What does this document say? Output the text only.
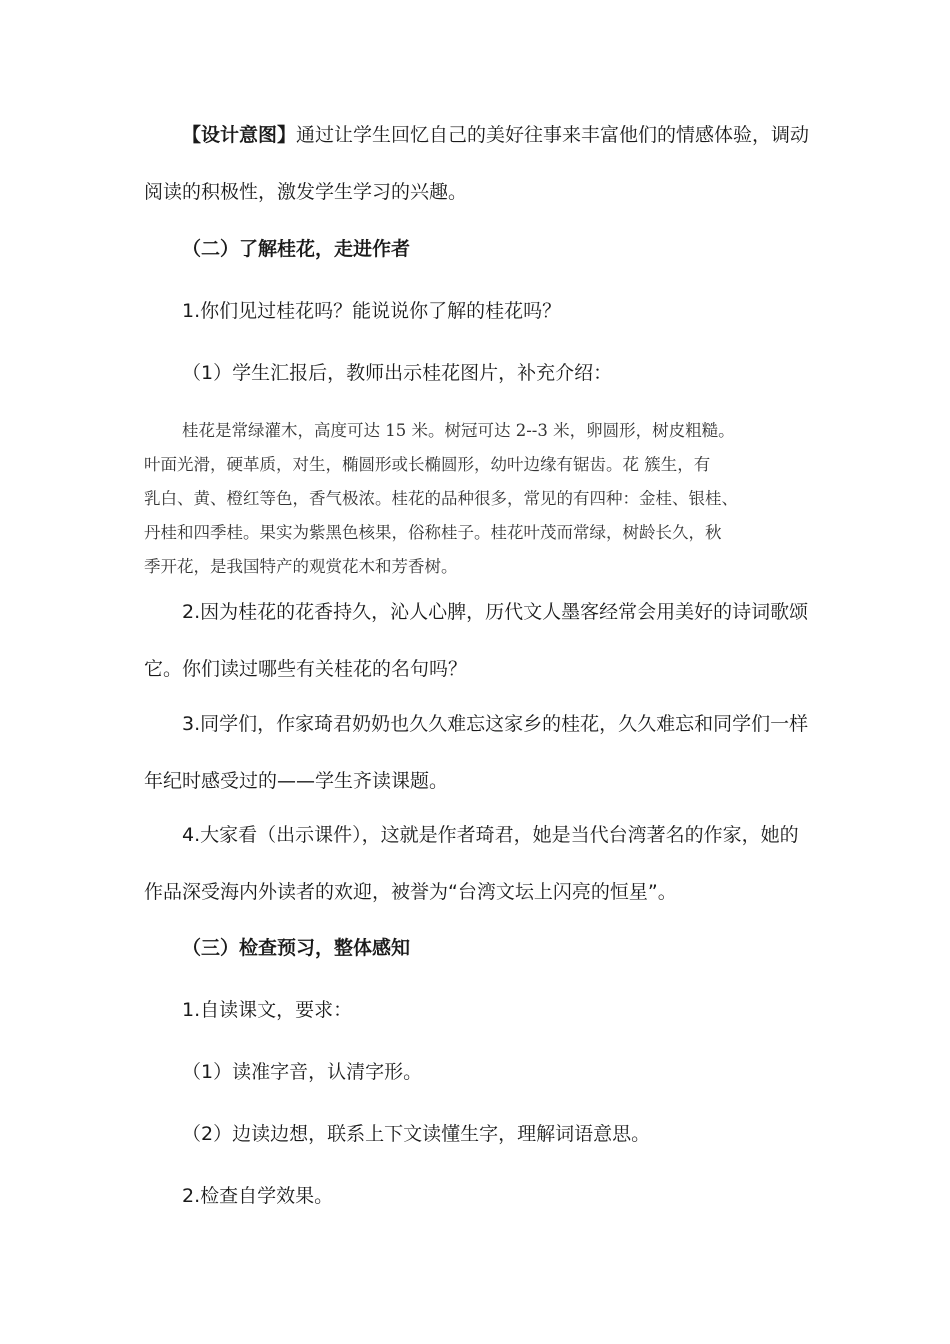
【设计意图】通过让学生回忆自己的美好往事来丰富他们的情感体验，调动
阅读的积极性，激发学生学习的兴趣。

（二）了解桂花，走进作者

1.你们见过桂花吗？能说说你了解的桂花吗？

（1）学生汇报后，教师出示桂花图片，补充介绍：

桂花是常绿灌木，高度可达 15 米。树冠可达 2--3 米，卵圆形，树皮粗糙。
叶面光滑，硬革质，对生，椭圆形或长椭圆形，幼叶边缘有锯齿。花 簇生，有
乳白、黄、橙红等色，香气极浓。桂花的品种很多，常见的有四种：金桂、银桂、
丹桂和四季桂。果实为紫黑色核果，俗称桂子。桂花叶茂而常绿，树龄长久，秋
季开花，是我国特产的观赏花木和芳香树。

2.因为桂花的花香持久，沁人心脾，历代文人墨客经常会用美好的诗词歌颂
它。你们读过哪些有关桂花的名句吗？

3.同学们，作家琦君奶奶也久久难忘这家乡的桂花，久久难忘和同学们一样
年纪时感受过的——学生齐读课题。

4.大家看（出示课件），这就是作者琦君，她是当代台湾著名的作家，她的
作品深受海内外读者的欢迎，被誉为“台湾文坛上闪亮的恒星”。

（三）检查预习，整体感知

1.自读课文，要求：

（1）读准字音，认清字形。

（2）边读边想，联系上下文读懂生字，理解词语意思。

2.检查自学效果。
